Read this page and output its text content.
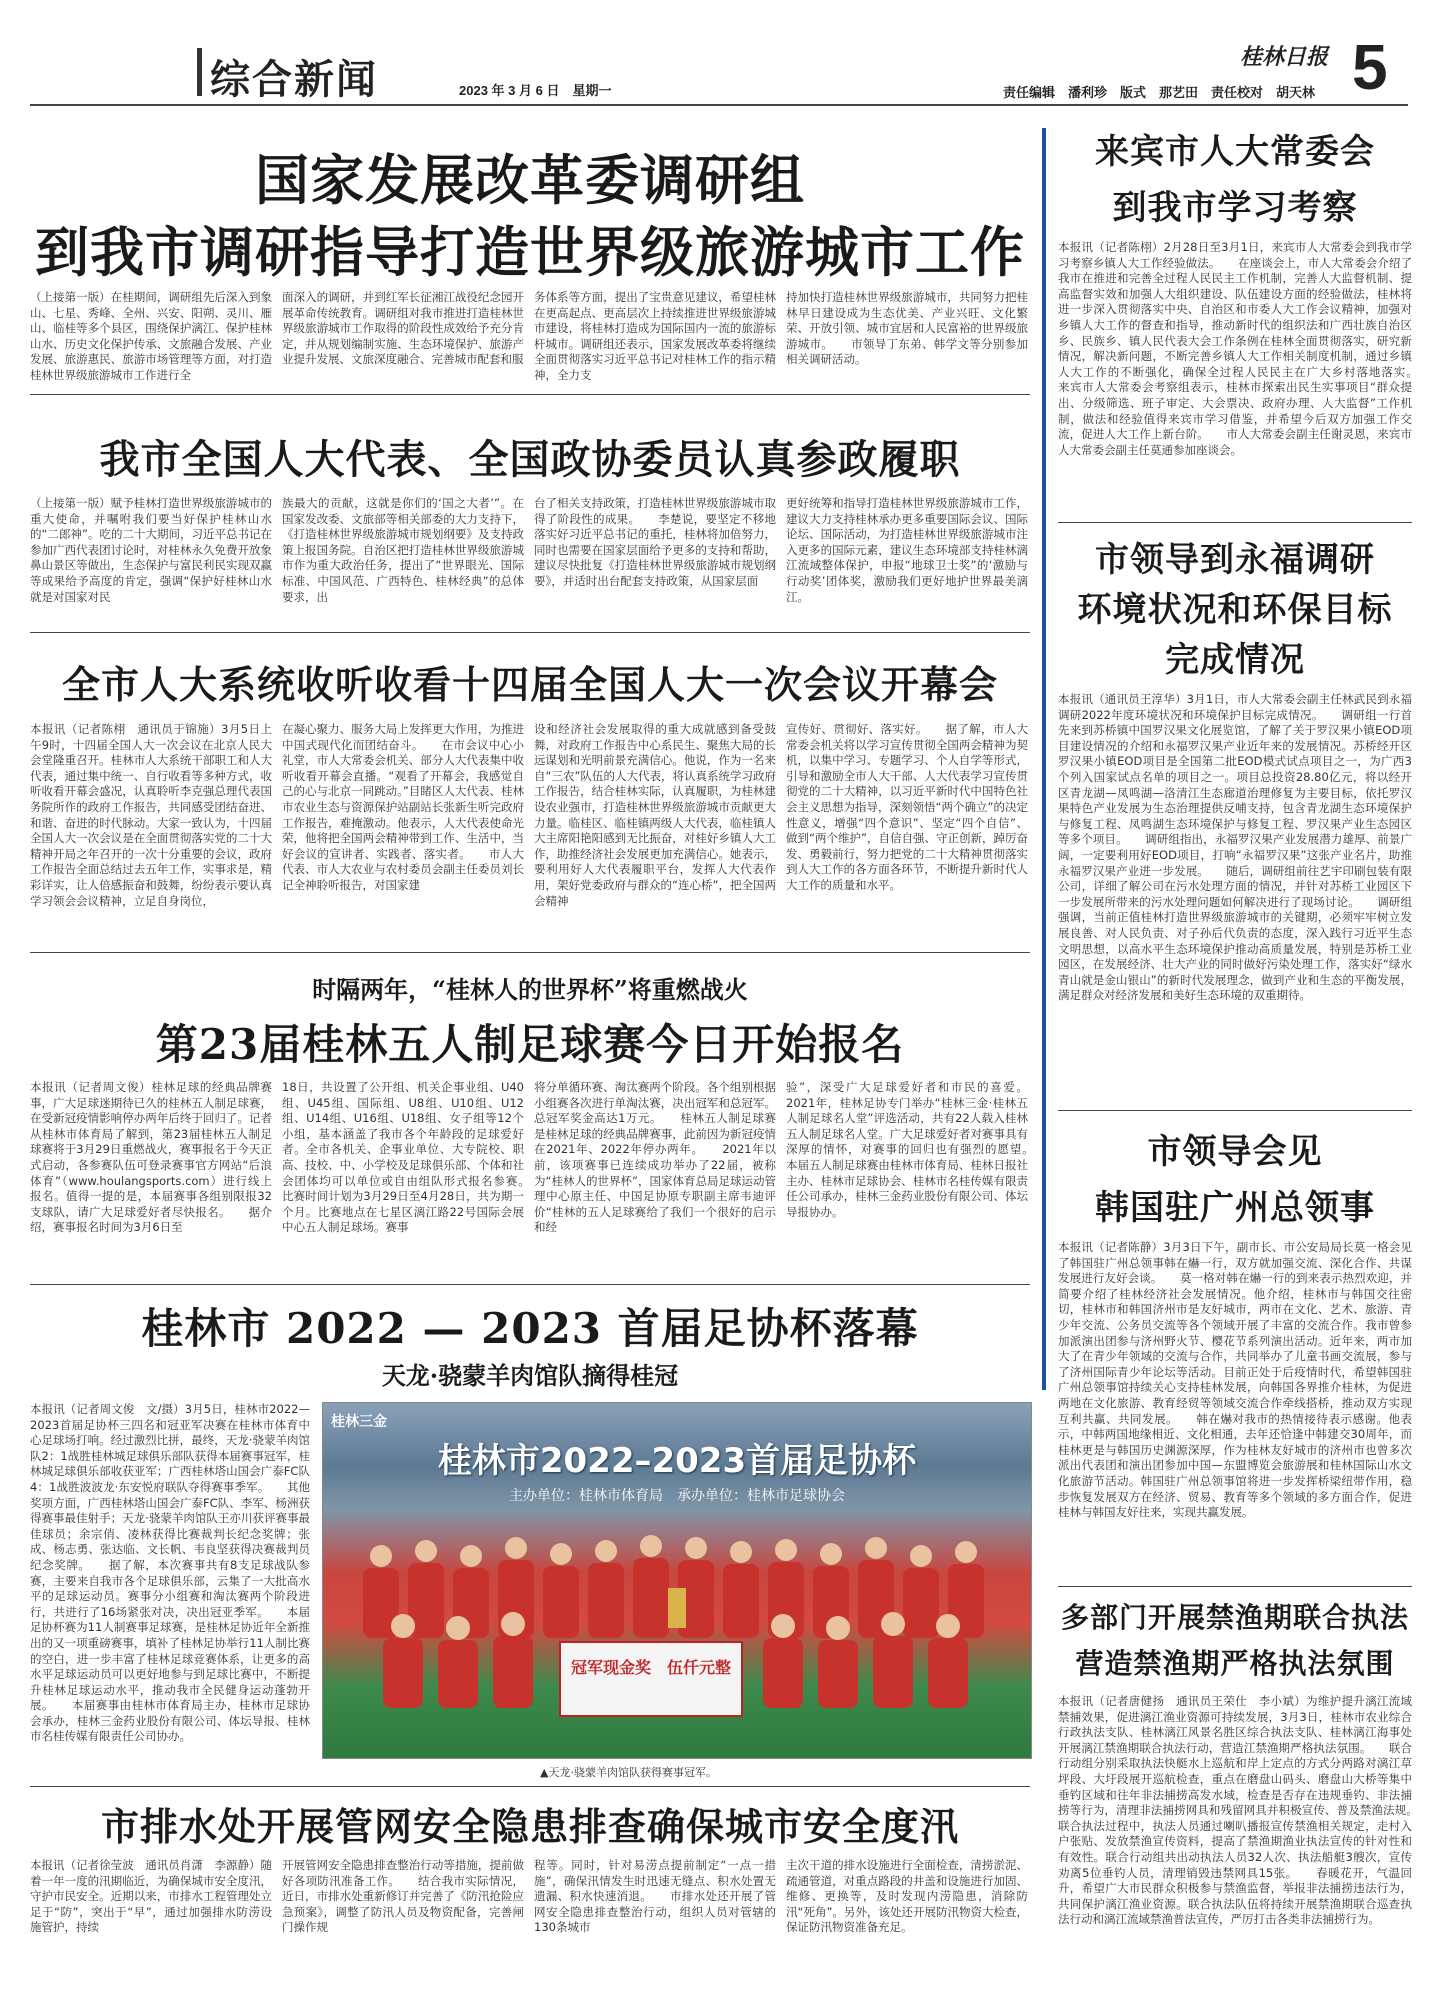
综合新闻	2023 年 3 月 6 日　星期一
桂林日报 5
责任编辑　潘利珍　版式　那艺田　责任校对　胡天林
国家发展改革委调研组
到我市调研指导打造世界级旅游城市工作
（上接第一版）在桂期间，调研组先后深入到象山、七星、秀峰、全州、兴安、阳朔、灵川、雁山、临桂等多个县区，围绕保护漓江、保护桂林山水、历史文化保护传承、文旅融合发展、产业发展、旅游惠民、旅游市场管理等方面，对打造桂林世界级旅游城市工作进行全
面深入的调研，并到红军长征湘江战役纪念园开展革命传统教育。调研组对我市推进打造桂林世界级旅游城市工作取得的阶段性成效给予充分肯定，并从规划编制实施、生态环境保护、旅游产业提升发展、文旅深度融合、完善城市配套和服
务体系等方面，提出了宝贵意见建议，希望桂林在更高起点、更高层次上持续推进世界级旅游城市建设，将桂林打造成为国际国内一流的旅游标杆城市。调研组还表示，国家发展改革委将继续全面贯彻落实习近平总书记对桂林工作的指示精神，全力支
持加快打造桂林世界级旅游城市，共同努力把桂林早日建设成为生态优美、产业兴旺、文化繁荣、开放引领、城市宜居和人民富裕的世界级旅游城市。　　市领导丁东弟、韩学文等分别参加相关调研活动。
我市全国人大代表、全国政协委员认真参政履职
（上接第一版）赋予桂林打造世界级旅游城市的重大使命，并嘱咐我们要当好保护桂林山水的“二郎神”。吃的二十大期间，习近平总书记在参加广西代表团讨论时，对桂林永久免费开放象鼻山景区等做出，生态保护与富民利民实现双赢等成果给予高度的肯定，强调“保护好桂林山水就是对国家对民
族最大的贡献，这就是你们的‘国之大者’”。在国家发改委、文旅部等相关部委的大力支持下，《打造桂林世界级旅游城市规划纲要》及支持政策上报国务院。自治区把打造桂林世界级旅游城市作为重大政治任务，提出了“世界眼光、国际标准、中国风范、广西特色、桂林经典”的总体要求，出
台了相关支持政策，打造桂林世界级旅游城市取得了阶段性的成果。　　李楚说，要坚定不移地落实好习近平总书记的重托，桂林将加倍努力，同时也需要在国家层面给予更多的支持和帮助，建议尽快批复《打造桂林世界级旅游城市规划纲要》，并适时出台配套支持政策，从国家层面
更好统筹和指导打造桂林世界级旅游城市工作，建议大力支持桂林承办更多重要国际会议、国际论坛、国际活动，为打造桂林世界级旅游城市注入更多的国际元素，建议生态环境部支持桂林漓江流域整体保护，申报“地球卫士奖”的‘激励与行动奖’团体奖，激励我们更好地护世界最美漓江。
全市人大系统收听收看十四届全国人大一次会议开幕会
本报讯（记者陈栩　通讯员于锦施）3月5日上午9时，十四届全国人大一次会议在北京人民大会堂隆重召开。桂林市人大系统干部职工和人大代表，通过集中统一、自行收看等多种方式，收听收看开幕会盛况，认真聆听李克强总理代表国务院所作的政府工作报告，共同感受团结奋进、和谐、奋进的时代脉动。大家一致认为，十四届全国人大一次会议是在全面贯彻落实党的二十大精神开局之年召开的一次十分重要的会议，政府工作报告全面总结过去五年工作，实事求是，精彩详实，让人倍感振奋和鼓舞，纷纷表示要认真学习领会会议精神，立足自身岗位，
在凝心聚力、服务大局上发挥更大作用，为推进中国式现代化而团结奋斗。　　在市会议中心小礼堂，市人大常委会机关、部分人大代表集中收听收看开幕会直播。“观看了开幕会，我感觉自己的心与北京一同跳动。”目睹区人大代表、桂林市农业生态与资源保护站副站长张新生听完政府工作报告，难掩激动。他表示，人大代表使命光荣，他将把全国两会精神带到工作、生活中，当好会议的宣讲者、实践者、落实者。　　市人大代表、市人大农业与农村委员会副主任委员刘长记全神聆听报告，对国家建
设和经济社会发展取得的重大成就感到备受鼓舞，对政府工作报告中心系民生、聚焦大局的长远谋划和光明前景充满信心。他说，作为一名来自“三农”队伍的人大代表，将认真系统学习政府工作报告，结合桂林实际，认真履职，为桂林建设农业强市，打造桂林世界级旅游城市贡献更大力量。临桂区、临桂镇两级人大代表，临桂镇人大主席阳艳阳感到无比振奋，对桂好乡镇人大工作，助推经济社会发展更加充满信心。她表示，要利用好人大代表履职平台，发挥人大代表作用，架好党委政府与群众的“连心桥”，把全国两会精神
宣传好、贯彻好、落实好。　　据了解，市人大常委会机关将以学习宣传贯彻全国两会精神为契机，以集中学习、专题学习、个人自学等形式，引导和激励全市人大干部、人大代表学习宣传贯彻党的二十大精神，以习近平新时代中国特色社会主义思想为指导，深刻领悟“两个确立”的决定性意义，增强“四个意识”、坚定“四个自信”、做到“两个维护”，自信自强、守正创新，踔厉奋发、勇毅前行，努力把党的二十大精神贯彻落实到人大工作的各方面各环节，不断提升新时代人大工作的质量和水平。
时隔两年，“桂林人的世界杯”将重燃战火
第23届桂林五人制足球赛今日开始报名
本报讯（记者周文俊）桂林足球的经典品牌赛事，广大足球迷期待已久的桂林五人制足球赛，在受新冠疫情影响停办两年后终于回归了。记者从桂林市体育局了解到，第23届桂林五人制足球赛将于3月29日重燃战火，赛事报名于今天正式启动，各参赛队伍可登录赛事官方网站“后浪体育”（www.houlangsports.com）进行线上报名。值得一提的是，本届赛事各组别限报32支球队，请广大足球爱好者尽快报名。　　据介绍，赛事报名时间为3月6日至
18日，共设置了公开组、机关企事业组、U40组、U45组、国际组、U8组、U10组、U12组、U14组、U16组、U18组、女子组等12个小组，基本涵盖了我市各个年龄段的足球爱好者。全市各机关、企事业单位、大专院校、职高、技校、中、小学校及足球俱乐部、个体和社会团体均可以单位或自由组队形式报名参赛。　　比赛时间计划为3月29日至4月28日，共为期一个月。比赛地点在七星区漓江路22号国际会展中心五人制足球场。赛事
将分单循环赛、淘汰赛两个阶段。各个组别根据小组赛各次进行单淘汰赛，决出冠军和总冠军。总冠军奖金高达1万元。　　桂林五人制足球赛是桂林足球的经典品牌赛事，此前因为新冠疫情在2021年、2022年停办两年。　　2021年以前，该项赛事已连续成功举办了22届，被称为“桂林人的世界杯”，国家体育总局足球运动管理中心原主任、中国足协原专职副主席韦迪评价“桂林的五人足球赛给了我们一个很好的启示和经
验”，深受广大足球爱好者和市民的喜爱。2021年，桂林足协专门举办“桂林三金·桂林五人制足球名人堂”评选活动，共有22人载入桂林五人制足球名人堂。广大足球爱好者对赛事具有深厚的情怀，对赛事的回归也有强烈的愿望。　　本届五人制足球赛由桂林市体育局、桂林日报社主办、桂林市足球协会、桂林市名桂传媒有限责任公司承办，桂林三金药业股份有限公司、体坛导报协办。
桂林市 2022 — 2023 首届足协杯落幕
天龙·骁蒙羊肉馆队摘得桂冠
本报讯（记者周文俊　文/摄）3月5日，桂林市2022—2023首届足协杯三四名和冠亚军决赛在桂林市体育中心足球场打响。经过激烈比拼，最终，天龙·骁蒙羊肉馆队2：1战胜桂林城足球俱乐部队获得本届赛事冠军，桂林城足球俱乐部收获亚军；广西桂林塔山国会广泰FC队4：1战胜波波龙·东安悦府联队夺得赛事季军。　　其他奖项方面，广西桂林塔山国会广泰FC队、李军、杨洲获得赛事最佳射手；天龙·骁蒙羊肉馆队王亦川获评赛事最佳球员；余宗俏、凌林获得比赛裁判长纪念奖牌；张成、杨志勇、张达临、文长帆、韦良坚获得决赛裁判员纪念奖牌。　　据了解，本次赛事共有8支足球战队参赛，主要来自我市各个足球俱乐部，云集了一大批高水平的足球运动员。赛事分小组赛和淘汰赛两个阶段进行，共进行了16场紧张对决，决出冠亚季军。　　本届足协杯赛为11人制赛事足球赛，是桂林足协近年全新推出的又一项重磅赛事，填补了桂林足协举行11人制比赛的空白，进一步丰富了桂林足球竞赛体系，让更多的高水平足球运动员可以更好地参与到足球比赛中，不断提升桂林足球运动水平，推动我市全民健身运动蓬勃开展。　　本届赛事由桂林市体育局主办，桂林市足球协会承办，桂林三金药业股份有限公司、体坛导报、桂林市名桂传媒有限责任公司协办。
桂林三金
桂林市2022–2023首届足协杯
主办单位：桂林市体育局　承办单位：桂林市足球协会
冠军现金奖　伍仟元整
▲天龙·骁蒙羊肉馆队获得赛事冠军。
市排水处开展管网安全隐患排查确保城市安全度汛
本报讯（记者徐莹波　通讯员肖潇　李源静）随着一年一度的汛期临近，为确保城市安全度汛，守护市民安全。近期以来，市排水工程管理处立足于“防”，突出于“早”，通过加强排水防涝设施管护，持续
开展管网安全隐患排查整治行动等措施，提前做好各项防汛准备工作。　　结合我市实际情况，近日，市排水处重新修订并完善了《防汛抢险应急预案》，调整了防汛人员及物资配备，完善闸门操作规
程等。同时，针对易涝点提前制定“一点一措施”，确保汛情发生时迅速无缝点、积水处置无遗漏、积水快速消退。　　市排水处还开展了管网安全隐患排查整治行动，组织人员对管辖的130条城市
主次干道的排水设施进行全面检查，清捞淤泥、疏通管道，对重点路段的井盖和设施进行加固、维修、更换等，及时发现内涝隐患，消除防汛“死角”。另外，该处还开展防汛物资大检查，保证防汛物资准备充足。
来宾市人大常委会
到我市学习考察
本报讯（记者陈栩）2月28日至3月1日，来宾市人大常委会到我市学习考察乡镇人大工作经验做法。　　在座谈会上，市人大常委会介绍了我市在推进和完善全过程人民民主工作机制，完善人大监督机制、提高监督实效和加强人大组织建设、队伍建设方面的经验做法，桂林将进一步深入贯彻落实中央、自治区和市委人大工作会议精神，加强对乡镇人大工作的督查和指导，推动新时代的组织法和广西壮族自治区乡、民族乡、镇人民代表大会工作条例在桂林全面贯彻落实，研究新情况，解决新问题，不断完善乡镇人大工作相关制度机制，通过乡镇人大工作的不断强化，确保全过程人民民主在广大乡村落地落实。　　来宾市人大常委会考察组表示，桂林市探索出民生实事项目“群众提出、分级筛选、班子审定、大会票决、政府办理、人大监督”工作机制，做法和经验值得来宾市学习借鉴，并希望今后双方加强工作交流，促进人大工作上新台阶。　　市人大常委会副主任谢灵恩，来宾市人大常委会副主任莫通参加座谈会。
市领导到永福调研
环境状况和环保目标
完成情况
本报讯（通讯员王淳华）3月1日，市人大常委会副主任林武民到永福调研2022年度环境状况和环境保护目标完成情况。　　调研组一行首先来到苏桥镇中国罗汉果文化展览馆，了解了关于罗汉果小镇EOD项目建设情况的介绍和永福罗汉果产业近年来的发展情况。苏桥经开区罗汉果小镇EOD项目是全国第二批EOD模式试点项目之一，为广西3个列入国家试点名单的项目之一。项目总投资28.80亿元，将以经开区青龙湖—凤鸣湖—洛清江生态廊道治理修复为主要目标，依托罗汉果特色产业发展为生态治理提供反哺支持，包含青龙湖生态环境保护与修复工程、凤鸣湖生态环境保护与修复工程、罗汉果产业生态园区等多个项目。　　调研组指出，永福罗汉果产业发展潜力雄厚、前景广阔，一定要利用好EOD项目，打响“永福罗汉果”这张产业名片，助推永福罗汉果产业进一步发展。　　随后，调研组前往艺宇印刷包装有限公司，详细了解公司在污水处理方面的情况，并针对苏桥工业园区下一步发展所带来的污水处理问题如何解决进行了现场讨论。　　调研组强调，当前正值桂林打造世界级旅游城市的关键期，必须牢牢树立发展良善、对人民负责、对子孙后代负责的态度，深入践行习近平生态文明思想，以高水平生态环境保护推动高质量发展，特别是苏桥工业园区，在发展经济、壮大产业的同时做好污染处理工作，落实好“绿水青山就是金山银山”的新时代发展理念，做到产业和生态的平衡发展，满足群众对经济发展和美好生态环境的双重期待。
市领导会见
韩国驻广州总领事
本报讯（记者陈静）3月3日下午，副市长、市公安局局长莫一格会见了韩国驻广州总领事韩在爀一行，双方就加强交流、深化合作、共谋发展进行友好会谈。　　莫一格对韩在爀一行的到来表示热烈欢迎，并简要介绍了桂林经济社会发展情况。他介绍，桂林市与韩国交往密切，桂林市和韩国济州市是友好城市，两市在文化、艺术、旅游、青少年交流、公务员交流等各个领域开展了丰富的交流合作。我市曾参加派演出团参与济州野火节、樱花节系列演出活动。近年来，两市加大了在青少年领域的交流与合作，共同举办了儿童书画交流展，参与了济州国际青少年论坛等活动。目前正处于后疫情时代，希望韩国驻广州总领事馆持续关心支持桂林发展，向韩国各界推介桂林，为促进两地在文化旅游、教育经贸等领域交流合作牵线搭桥，推动双方实现互利共赢、共同发展。　　韩在爀对我市的热情接待表示感谢。他表示，中韩两国地缘相近、文化相通，去年还恰逢中韩建交30周年，而桂林更是与韩国历史渊源深厚，作为桂林友好城市的济州市也曾多次派出代表团和演出团参加中国—东盟博览会旅游展和桂林国际山水文化旅游节活动。韩国驻广州总领事馆将进一步发挥桥梁纽带作用，稳步恢复发展双方在经济、贸易、教育等多个领域的多方面合作，促进桂林与韩国友好往来，实现共赢发展。
多部门开展禁渔期联合执法
营造禁渔期严格执法氛围
本报讯（记者唐健扬　通讯员王荣仕　李小斌）为维护提升漓江流域禁捕效果，促进漓江渔业资源可持续发展，3月3日，桂林市农业综合行政执法支队、桂林漓江风景名胜区综合执法支队、桂林漓江海事处开展漓江禁渔期联合执法行动，营造江禁渔期严格执法氛围。　　联合行动组分别采取执法快艇水上巡航和岸上定点的方式分两路对漓江草坪段、大圩段展开巡航检查，重点在磨盘山码头、磨盘山大桥等集中垂钓区域和往年非法捕捞高发水域，检查是否存在违规垂钓、非法捕捞等行为，清理非法捕捞网具和残留网具并积极宣传、普及禁渔法规。　　联合执法过程中，执法人员通过喇叭播报宣传禁渔相关规定，走村入户张贴、发放禁渔宣传资料，提高了禁渔期渔业执法宣传的针对性和有效性。联合行动组共出动执法人员32人次、执法船艇3艘次，宣传劝离5位垂钓人员，清理销毁违禁网具15张。　　春暖花开，气温回升，希望广大市民群众积极参与禁渔监督，举报非法捕捞违法行为，共同保护漓江渔业资源。联合执法队伍将持续开展禁渔期联合巡查执法行动和漓江流域禁渔普法宣传，严厉打击各类非法捕捞行为。
